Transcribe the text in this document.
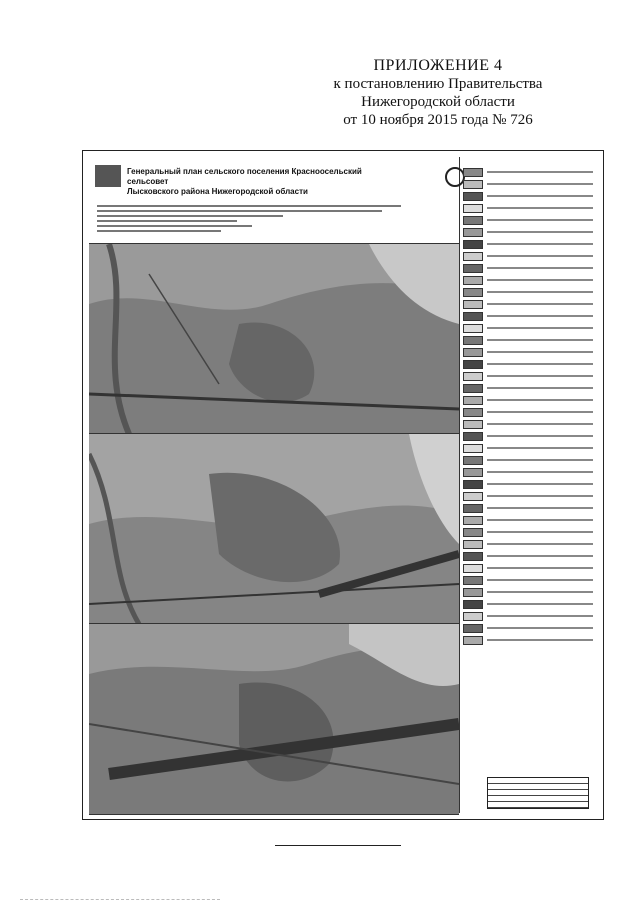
ПРИЛОЖЕНИЕ 4
к постановлению Правительства
Нижегородской области
от 10 ноября 2015 года № 726
Генеральный план сельского поселения Красноосельский сельсовет
Лысковского района Нижегородской области
